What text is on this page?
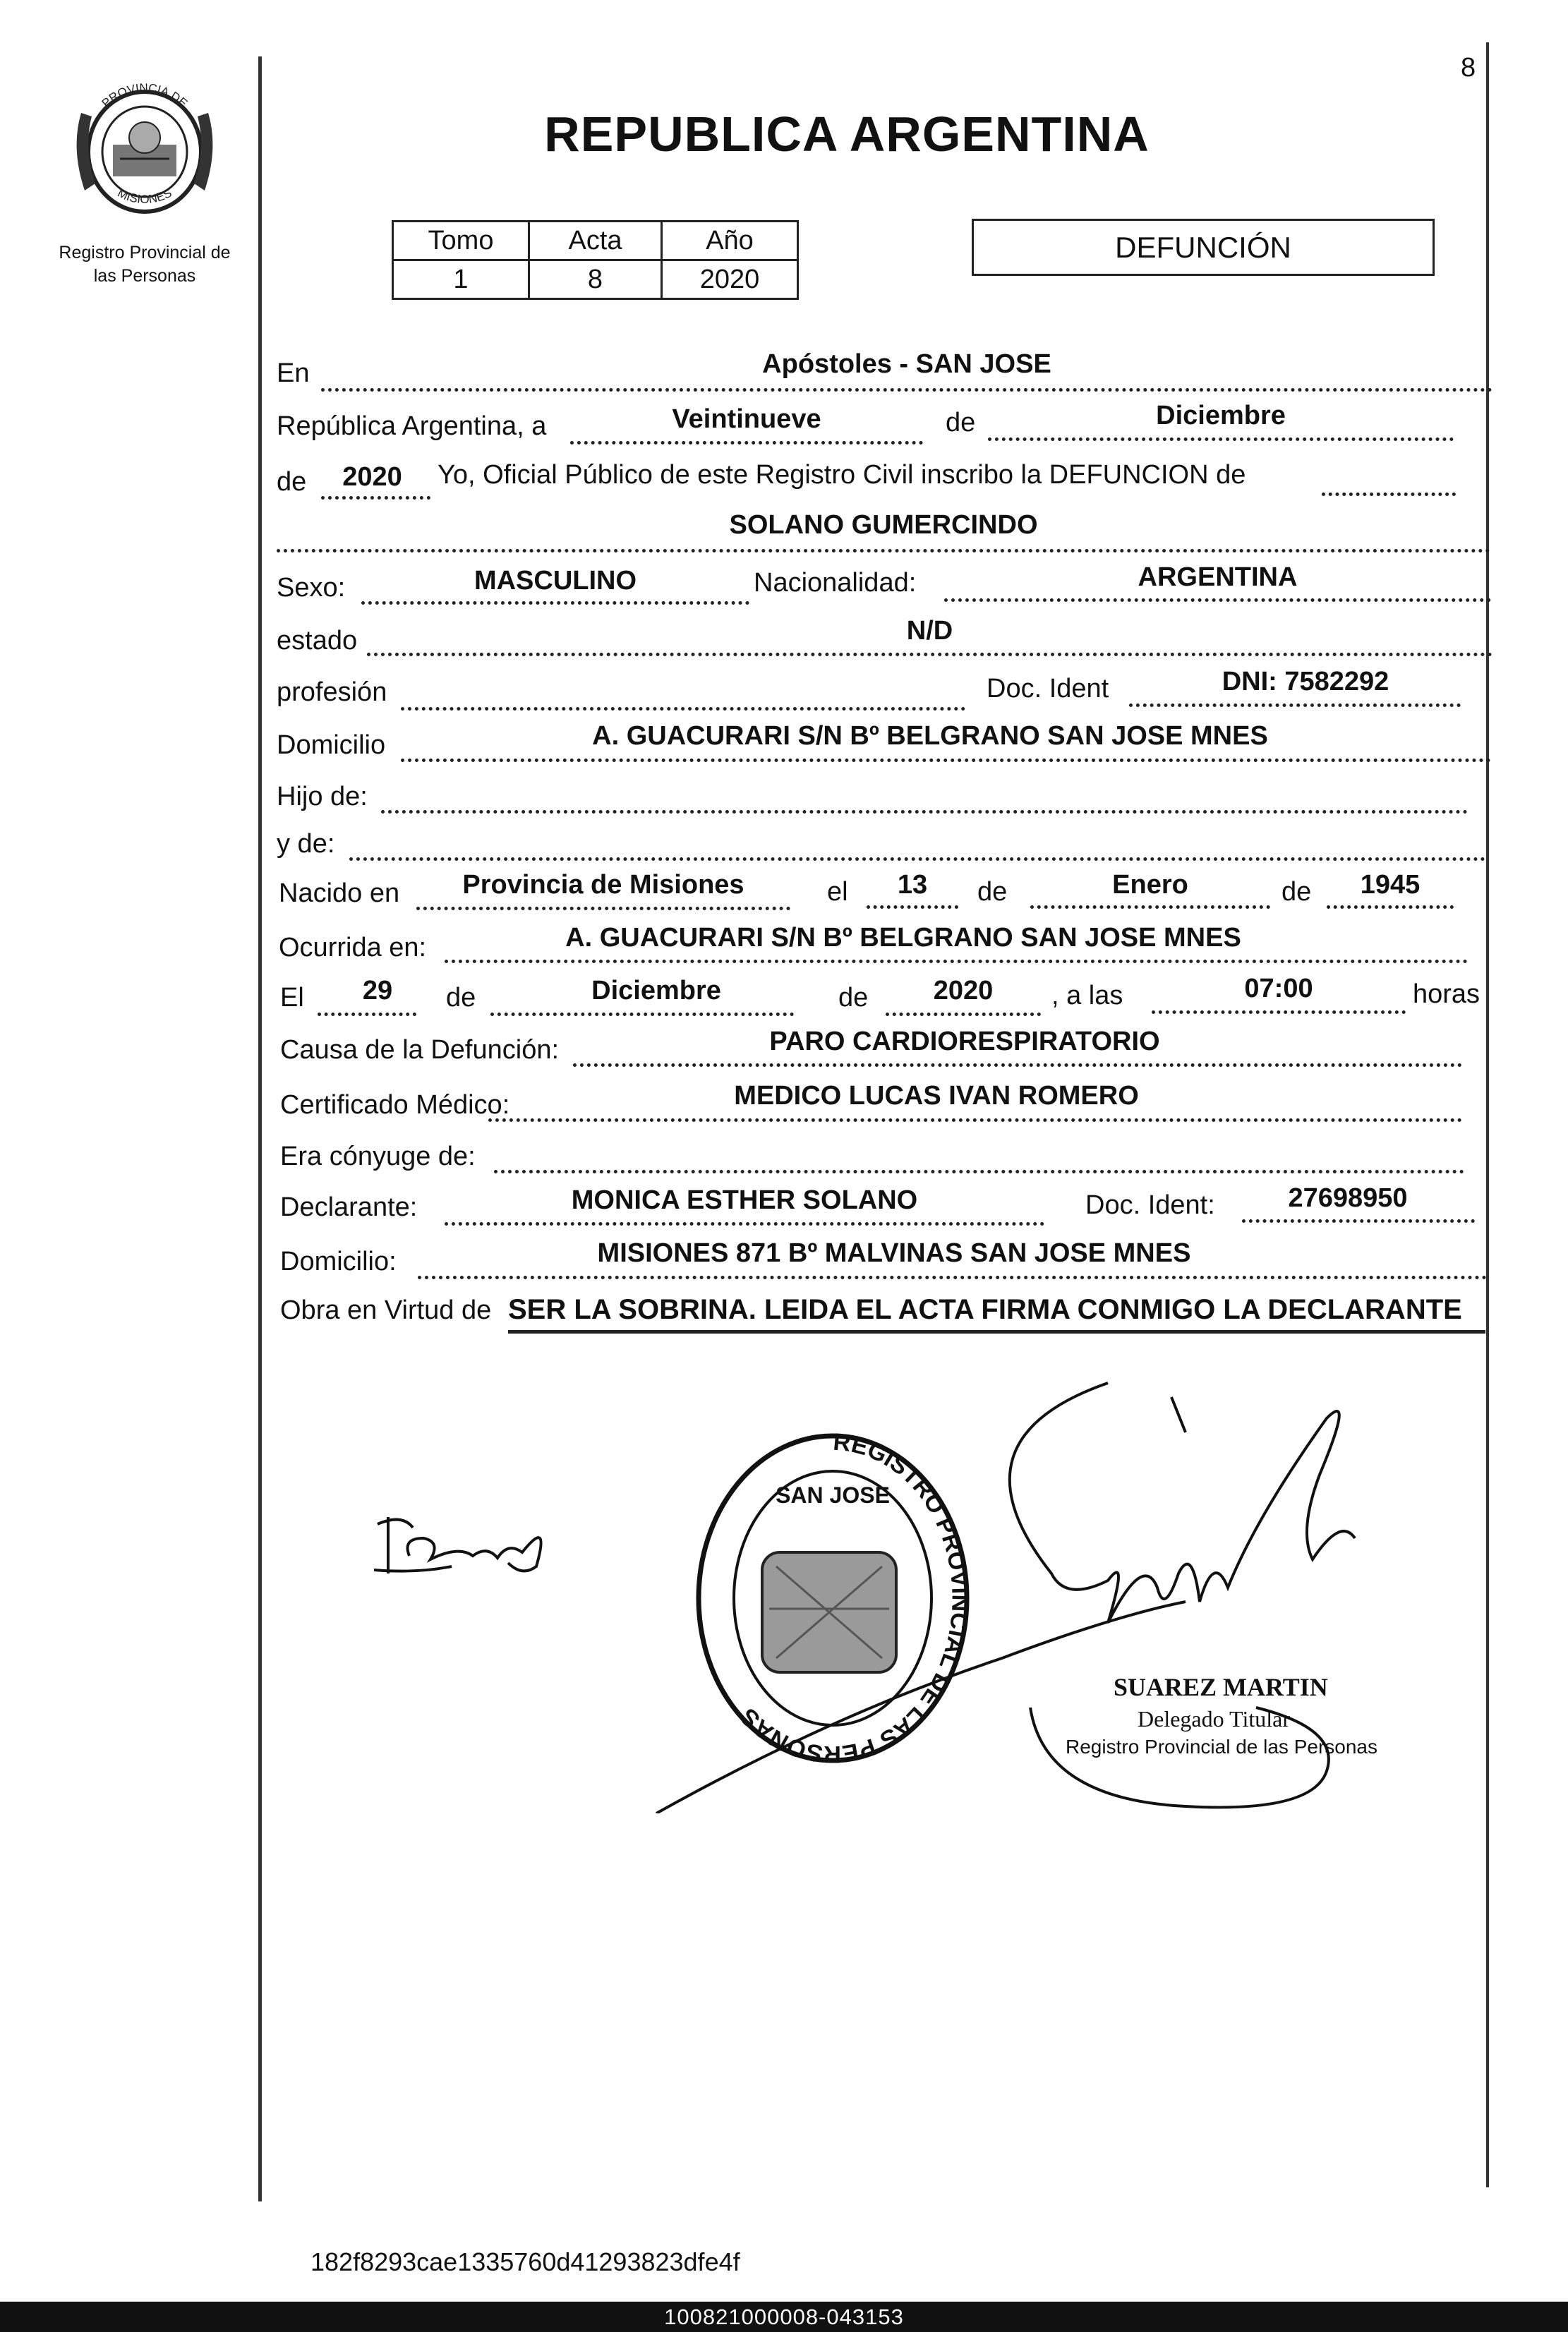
8
PROVINCIA DE
MISIONES
Registro Provincial de
las Personas
REPUBLICA ARGENTINA
Tomo	Acta	Año
1	8	2020
DEFUNCIÓN
En	Apóstoles - SAN JOSE
República Argentina, a	Veintinueve	de	Diciembre
de	2020	Yo, Oficial Público de este Registro Civil inscribo la DEFUNCION de
SOLANO GUMERCINDO
Sexo:	MASCULINO	Nacionalidad:	ARGENTINA
estado	N/D
profesión	Doc. Ident	DNI: 7582292
Domicilio	A. GUACURARI S/N Bº BELGRANO SAN JOSE MNES
Hijo de:
y de:
Nacido en	Provincia de Misiones	el	13	de	Enero	de	1945
Ocurrida en:	A. GUACURARI S/N Bº BELGRANO SAN JOSE MNES
El	29	de	Diciembre	de	2020	, a las	07:00	horas
Causa de la Defunción:	PARO CARDIORESPIRATORIO
Certificado Médico:	MEDICO LUCAS IVAN ROMERO
Era cónyuge de:
Declarante:	MONICA ESTHER SOLANO	Doc. Ident:	27698950
Domicilio:	MISIONES 871 Bº MALVINAS SAN JOSE MNES
Obra en Virtud de SER LA SOBRINA. LEIDA EL ACTA FIRMA CONMIGO LA DECLARANTE
REGISTRO PROVINCIAL DE LAS PERSONAS
SAN JOSE
SUAREZ MARTIN
Delegado Titular
Registro Provincial de las Personas
182f8293cae1335760d41293823dfe4f
100821000008-043153
